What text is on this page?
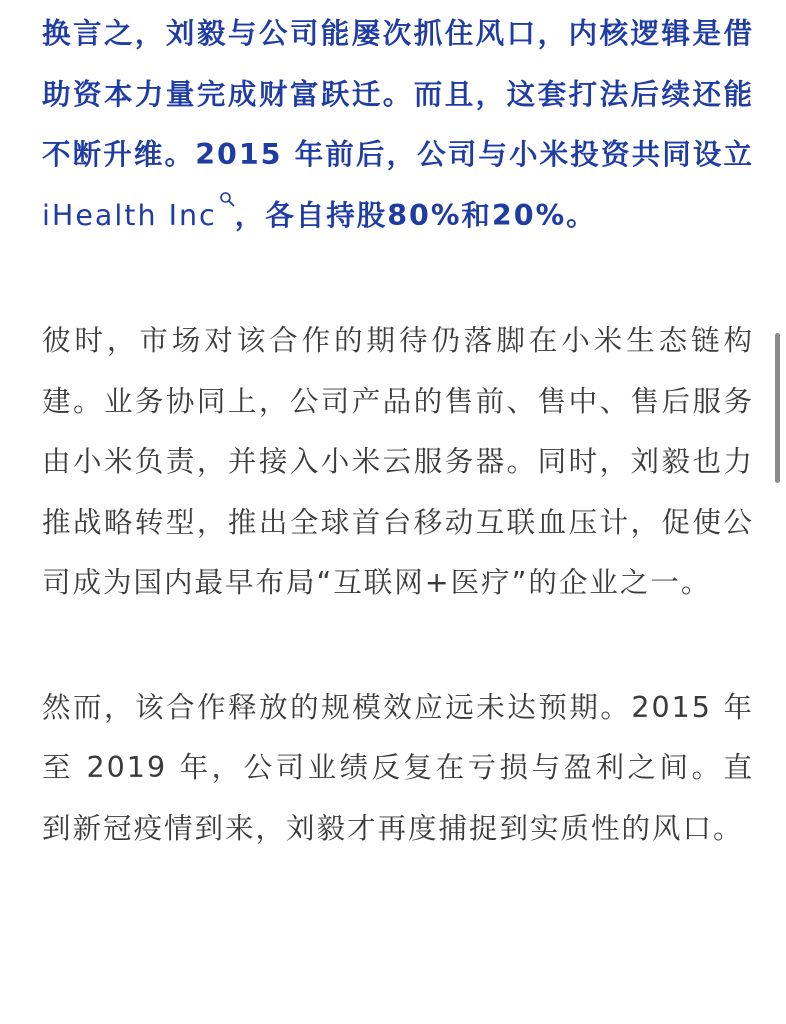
换言之，刘毅与公司能屡次抓住风口，内核逻辑是借助资本力量完成财富跃迁。而且，这套打法后续还能不断升维。2015 年前后，公司与小米投资共同设立iHealth Inc ，各自持股80%和20%。

彼时，市场对该合作的期待仍落脚在小米生态链构建。业务协同上，公司产品的售前、售中、售后服务由小米负责，并接入小米云服务器。同时，刘毅也力推战略转型，推出全球首台移动互联血压计，促使公司成为国内最早布局“互联网+医疗”的企业之一。

然而，该合作释放的规模效应远未达预期。2015 年至 2019 年，公司业绩反复在亏损与盈利之间。直到新冠疫情到来，刘毅才再度捕捉到实质性的风口。
